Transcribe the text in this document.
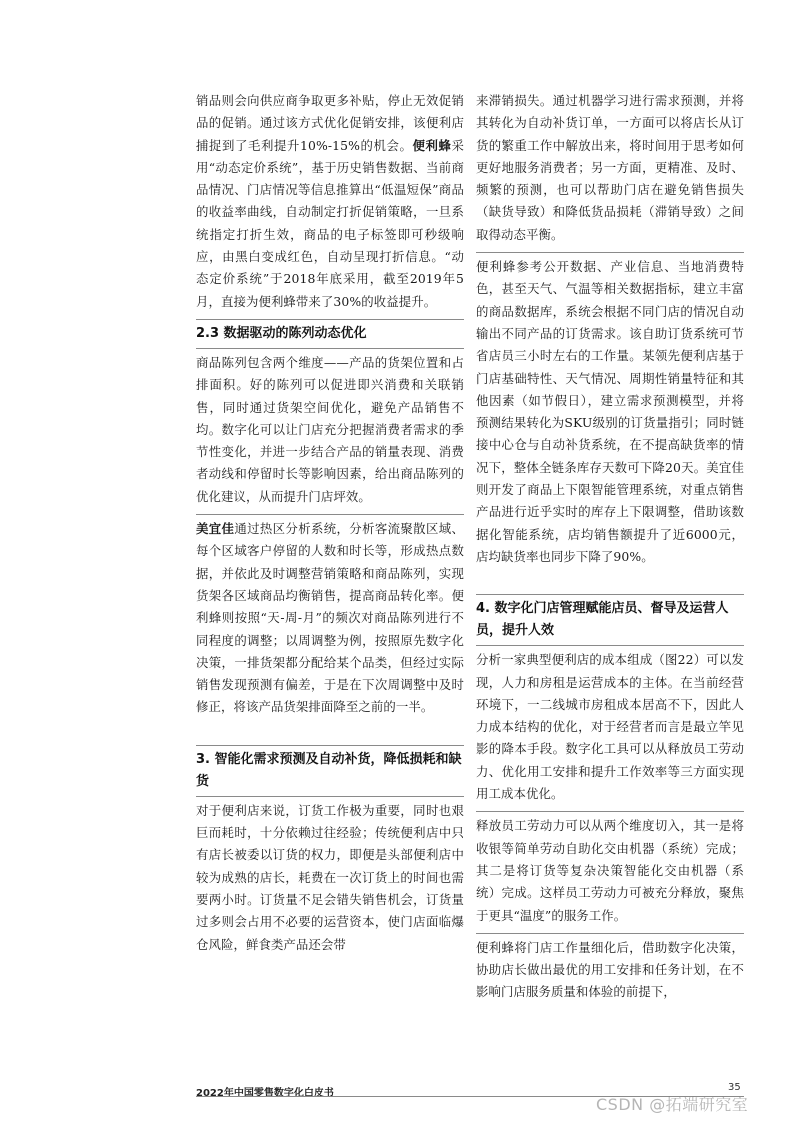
销品则会向供应商争取更多补贴，停止无效促销品的促销。通过该方式优化促销安排，该便利店捕捉到了毛利提升10%-15%的机会。便利蜂采用“动态定价系统”，基于历史销售数据、当前商品情况、门店情况等信息推算出“低温短保”商品的收益率曲线，自动制定打折促销策略，一旦系统指定打折生效，商品的电子标签即可秒级响应，由黑白变成红色，自动呈现打折信息。“动态定价系统”于2018年底采用，截至2019年5月，直接为便利蜂带来了30%的收益提升。

2.3 数据驱动的陈列动态优化

商品陈列包含两个维度——产品的货架位置和占排面积。好的陈列可以促进即兴消费和关联销售，同时通过货架空间优化，避免产品销售不均。数字化可以让门店充分把握消费者需求的季节性变化，并进一步结合产品的销量表现、消费者动线和停留时长等影响因素，给出商品陈列的优化建议，从而提升门店坪效。

美宜佳通过热区分析系统，分析客流聚散区域、每个区域客户停留的人数和时长等，形成热点数据，并依此及时调整营销策略和商品陈列，实现货架各区域商品均衡销售，提高商品转化率。便利蜂则按照“天-周-月”的频次对商品陈列进行不同程度的调整；以周调整为例，按照原先数字化决策，一排货架都分配给某个品类，但经过实际销售发现预测有偏差，于是在下次周调整中及时修正，将该产品货架排面降至之前的一半。

3. 智能化需求预测及自动补货，降低损耗和缺货

对于便利店来说，订货工作极为重要，同时也艰巨而耗时，十分依赖过往经验；传统便利店中只有店长被委以订货的权力，即便是头部便利店中较为成熟的店长，耗费在一次订货上的时间也需要两小时。订货量不足会错失销售机会，订货量过多则会占用不必要的运营资本，使门店面临爆仓风险，鲜食类产品还会带

来滞销损失。通过机器学习进行需求预测，并将其转化为自动补货订单，一方面可以将店长从订货的繁重工作中解放出来，将时间用于思考如何更好地服务消费者；另一方面，更精准、及时、频繁的预测，也可以帮助门店在避免销售损失（缺货导致）和降低货品损耗（滞销导致）之间取得动态平衡。

便利蜂参考公开数据、产业信息、当地消费特色，甚至天气、气温等相关数据指标，建立丰富的商品数据库，系统会根据不同门店的情况自动输出不同产品的订货需求。该自助订货系统可节省店员三小时左右的工作量。某领先便利店基于门店基础特性、天气情况、周期性销量特征和其他因素（如节假日），建立需求预测模型，并将预测结果转化为SKU级别的订货量指引；同时链接中心仓与自动补货系统，在不提高缺货率的情况下，整体全链条库存天数可下降20天。美宜佳则开发了商品上下限智能管理系统，对重点销售产品进行近乎实时的库存上下限调整，借助该数据化智能系统，店均销售额提升了近6000元，店均缺货率也同步下降了90%。

4. 数字化门店管理赋能店员、督导及运营人员，提升人效

分析一家典型便利店的成本组成（图22）可以发现，人力和房租是运营成本的主体。在当前经营环境下，一二线城市房租成本居高不下，因此人力成本结构的优化，对于经营者而言是最立竿见影的降本手段。数字化工具可以从释放员工劳动力、优化用工安排和提升工作效率等三方面实现用工成本优化。

释放员工劳动力可以从两个维度切入，其一是将收银等简单劳动自助化交由机器（系统）完成；其二是将订货等复杂决策智能化交由机器（系统）完成。这样员工劳动力可被充分释放，聚焦于更具“温度”的服务工作。

便利蜂将门店工作量细化后，借助数字化决策，协助店长做出最优的用工安排和任务计划，在不影响门店服务质量和体验的前提下，

2022年中国零售数字化白皮书
35
CSDN @拓端研究室
